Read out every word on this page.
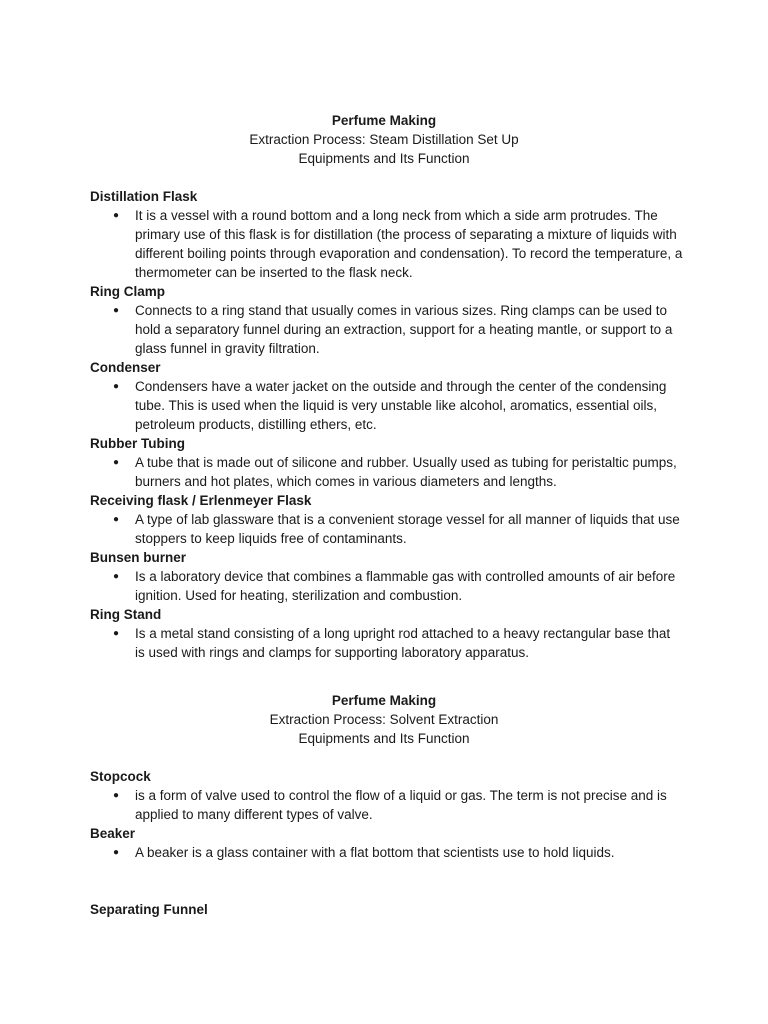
Perfume Making
Extraction Process: Steam Distillation Set Up
Equipments and Its Function
Distillation Flask
● It is a vessel with a round bottom and a long neck from which a side arm protrudes. The primary use of this flask is for distillation (the process of separating a mixture of liquids with different boiling points through evaporation and condensation). To record the temperature, a thermometer can be inserted to the flask neck.
Ring Clamp
● Connects to a ring stand that usually comes in various sizes. Ring clamps can be used to hold a separatory funnel during an extraction, support for a heating mantle, or support to a glass funnel in gravity filtration.
Condenser
● Condensers have a water jacket on the outside and through the center of the condensing tube. This is used when the liquid is very unstable like alcohol, aromatics, essential oils, petroleum products, distilling ethers, etc.
Rubber Tubing
● A tube that is made out of silicone and rubber. Usually used as tubing for peristaltic pumps, burners and hot plates, which comes in various diameters and lengths.
Receiving flask / Erlenmeyer Flask
● A type of lab glassware that is a convenient storage vessel for all manner of liquids that use stoppers to keep liquids free of contaminants.
Bunsen burner
● Is a laboratory device that combines a flammable gas with controlled amounts of air before ignition. Used for heating, sterilization and combustion.
Ring Stand
● Is a metal stand consisting of a long upright rod attached to a heavy rectangular base that is used with rings and clamps for supporting laboratory apparatus.
Perfume Making
Extraction Process: Solvent Extraction
Equipments and Its Function
Stopcock
● is a form of valve used to control the flow of a liquid or gas. The term is not precise and is applied to many different types of valve.
Beaker
● A beaker is a glass container with a flat bottom that scientists use to hold liquids.
Separating Funnel
